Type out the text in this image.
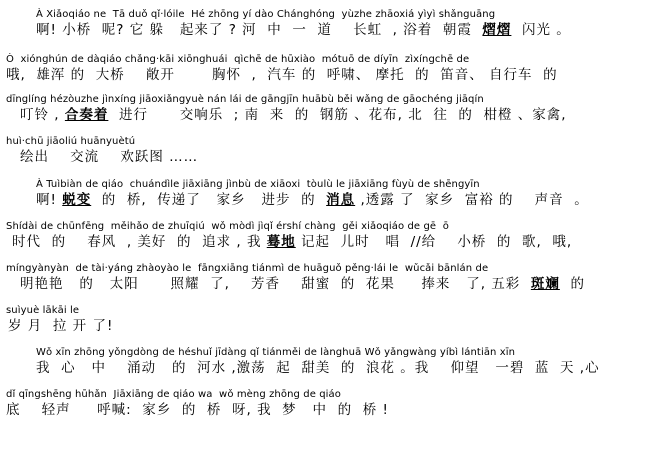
À Xiǎoqiáo ne  Tā duǒ qǐ·lóile  Hé zhōng yí dào Chánghóng  yùzhe zhāoxiá yìyì shǎnguāng
啊! 小桥  呢? 它 躲   起来了 ? 河  中  一  道    长虹  , 浴着  朝霞  熠熠  闪光 。
Ò  xiónghún de dàqiáo chǎng·kāi xiōnghuái  qìchē de hūxiào  mótuō de díyīn  zìxíngchē de
哦,  雄浑 的  大桥    敞开       胸怀  ,  汽车 的  呼啸、 摩托  的  笛音、 自行车  的
dīnglíng hézòuzhe jìnxíng jiāoxiǎngyuè nán lái de gāngjīn huābù běi wǎng de gāochéng jiāqín
叮铃 , 合奏着  进行      交响乐  ; 南  来  的  钢筋 、花布, 北  往  的  柑橙 、家禽,
huì·chū jiāoliú huānyuètú
绘出    交流    欢跃图 ……
À Tuìbiàn de qiáo  chuándìle jiāxiāng jìnbù de xiāoxi  tòulù le jiāxiāng fùyù de shēngyīn
啊! 蜕变  的  桥,  传递了   家乡   进步  的  消息 ,透露 了  家乡  富裕 的    声音  。
Shídài de chūnfēng  měihǎo de zhuīqiú  wǒ mòdì jìqǐ érshí chàng  gěi xiǎoqiáo de gē  ō
时代  的    春风  , 美好  的  追求 , 我 蓦地 记起  儿时   唱  //给    小桥  的  歌,  哦,
míngyànyàn  de tài·yáng zhàoyào le  fāngxiāng tiánmì de huāguǒ pěng·lái le  wǔcǎi bānlán de
明艳艳   的   太阳      照耀  了,    芳香    甜蜜  的  花果     捧来   了, 五彩  斑斓  的
suìyuè lākāi le
岁 月  拉 开 了!
Wǒ xīn zhōng yǒngdòng de héshuǐ jīdàng qǐ tiánměi de lànghuā Wǒ yǎngwàng yíbì lántiān xīn
我  心   中    涌动   的  河水 ,激荡  起  甜美  的  浪花 。我    仰望   一碧  蓝  天 ,心
dǐ qīngshēng hūhǎn  Jiāxiāng de qiáo wa  wǒ mèng zhōng de qiáo
底    轻声     呼喊:  家乡  的  桥  呀, 我  梦   中  的  桥 !
